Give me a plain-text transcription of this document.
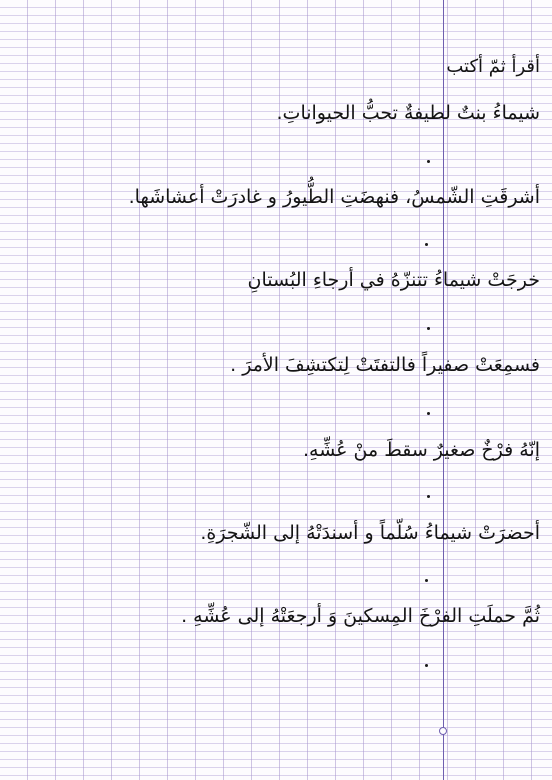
أقرأ ثمّ أكتب
شيماءُ بنتٌ لطيفةٌ تحبُّ الحيواناتِ.
أشرقَتِ الشّمسُ، فنهضَتِ الطُّيورُ و غادرَتْ أعشاشَها.
خرجَتْ شيماءُ تتنزّهُ في أرجاءِ البُستانِ
فسمِعَتْ صفيراً فالتفتَتْ لِتكتشِفَ الأمرَ .
إنّهُ فرْخٌ صغيرٌ سقطَ منْ عُشِّهِ.
أحضرَتْ شيماءُ سُلّماً و أسندَتْهُ إلى الشّجرَةِ.
ثُمَّ حملَتِ الفرْخَ المِسكينَ وَ أرجعَتْهُ إلى عُشِّهِ .
